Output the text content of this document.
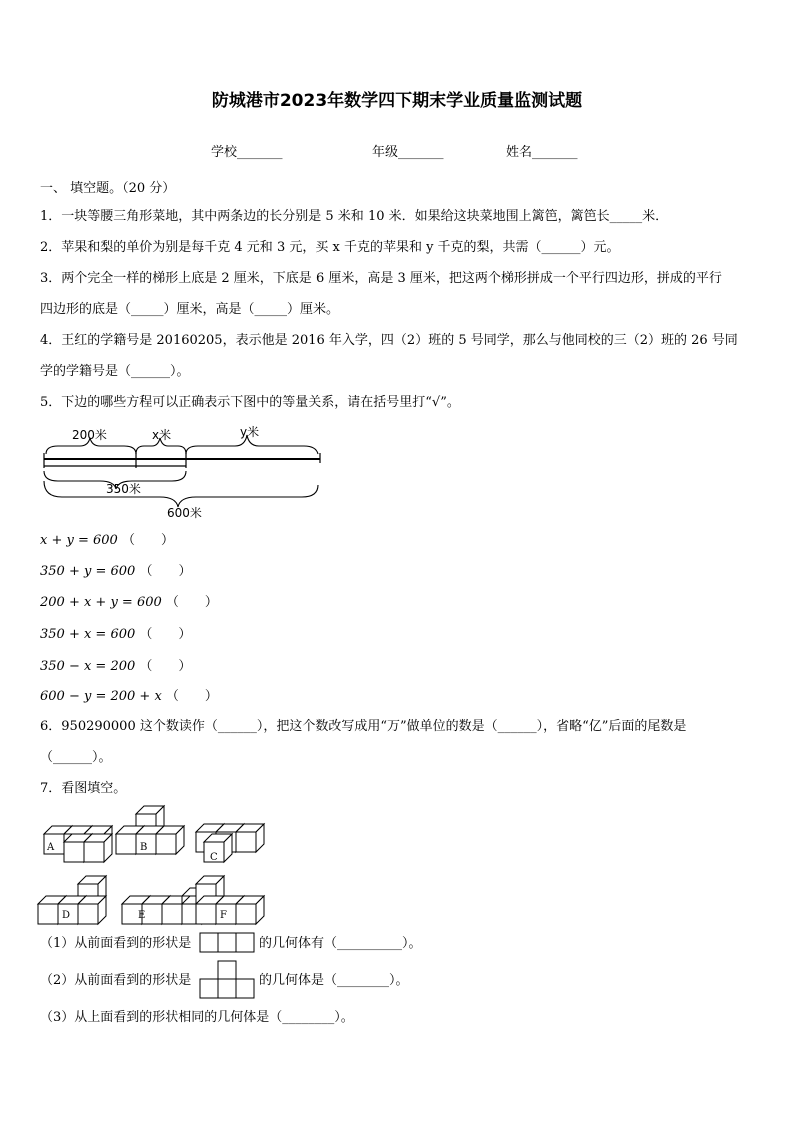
防城港市2023年数学四下期末学业质量监测试题
学校_______	年级_______	姓名_______
一、 填空题。（20 分）
1．一块等腰三角形菜地，其中两条边的长分别是 5 米和 10 米．如果给这块菜地围上篱笆，篱笆长_____米．
2．苹果和梨的单价为别是每千克 4 元和 3 元，买 x 千克的苹果和 y 千克的梨，共需（______）元。
3．两个完全一样的梯形上底是 2 厘米，下底是 6 厘米，高是 3 厘米，把这两个梯形拼成一个平行四边形，拼成的平行
四边形的底是（_____）厘米，高是（_____）厘米。
4．王红的学籍号是 20160205，表示他是 2016 年入学，四（2）班的 5 号同学，那么与他同校的三（2）班的 26 号同
学的学籍号是（______）。
5．下边的哪些方程可以正确表示下图中的等量关系，请在括号里打“√”。
200米	x米	y米
350米
600米
x + y = 600 （　　）
350 + y = 600 （　　）
200 + x + y = 600 （　　）
350 + x = 600 （　　）
350 − x = 200 （　　）
600 − y = 200 + x （　　）
6．950290000 这个数读作（______），把这个数改写成用“万”做单位的数是（______），省略“亿”后面的尾数是
（______）。
7．看图填空。
A	B
C
D	E	F
（1）从前面看到的形状是	的几何体有（__________）。
（2）从前面看到的形状是	的几何体是（________）。
（3）从上面看到的形状相同的几何体是（________）。
